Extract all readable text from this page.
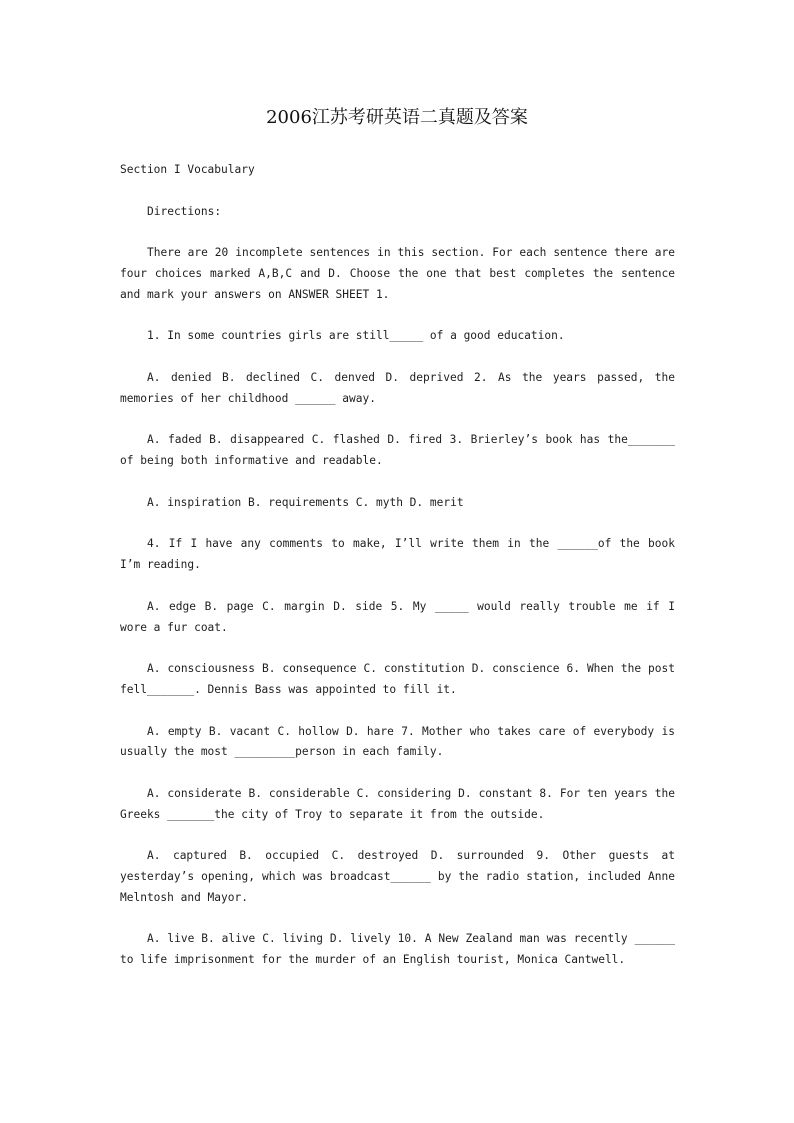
2006江苏考研英语二真题及答案

Section I Vocabulary

Directions:

There are 20 incomplete sentences in this section. For each sentence there are four choices marked A,B,C and D. Choose the one that best completes the sentence and mark your answers on ANSWER SHEET 1.

1. In some countries girls are still_____ of a good education.

A. denied B. declined C. denved D. deprived 2. As the years passed, the memories of her childhood ______ away.

A. faded B. disappeared C. flashed D. fired 3. Brierley’s book has the_______ of being both informative and readable.

A. inspiration B. requirements C. myth D. merit

4. If I have any comments to make, I’ll write them in the ______of the book I’m reading.

A. edge B. page C. margin D. side 5. My _____ would really trouble me if I wore a fur coat.

A. consciousness B. consequence C. constitution D. conscience 6. When the post fell_______. Dennis Bass was appointed to fill it.

A. empty B. vacant C. hollow D. hare 7. Mother who takes care of everybody is usually the most _________person in each family.

A. considerate B. considerable C. considering D. constant 8. For ten years the Greeks _______the city of Troy to separate it from the outside.

A. captured B. occupied C. destroyed D. surrounded 9. Other guests at yesterday’s opening, which was broadcast______ by the radio station, included Anne Melntosh and Mayor.

A. live B. alive C. living D. lively 10. A New Zealand man was recently ______ to life imprisonment for the murder of an English tourist, Monica Cantwell.
